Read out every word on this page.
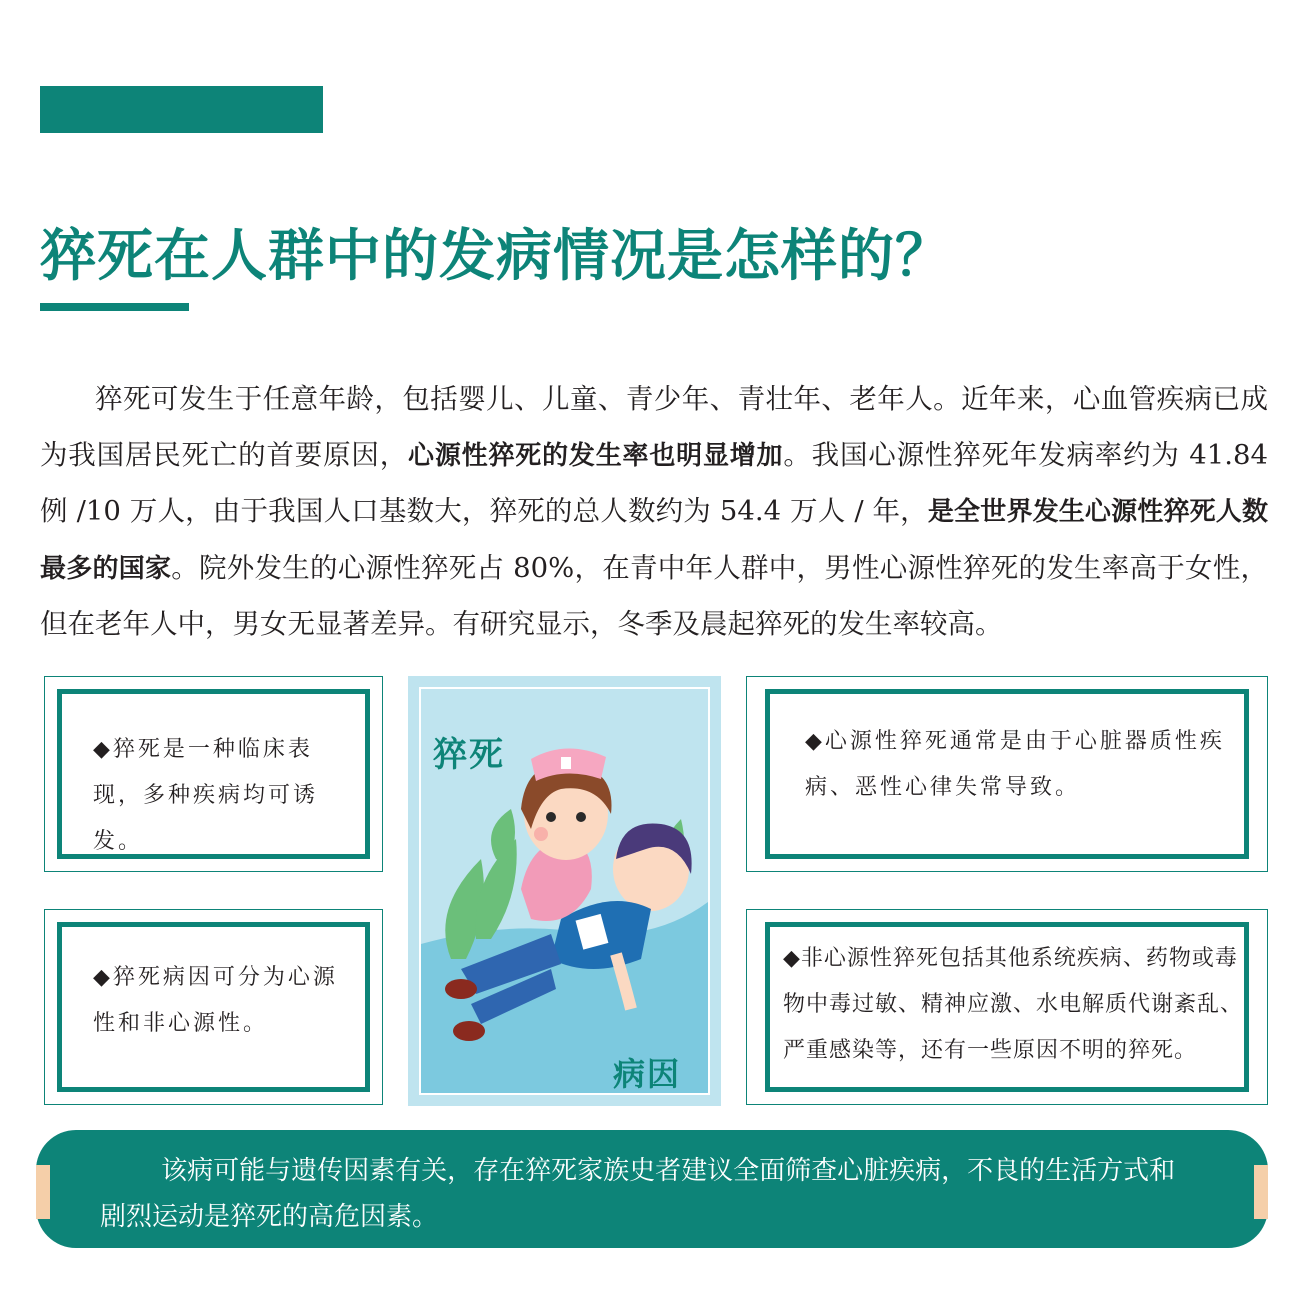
猝死在人群中的发病情况是怎样的？

猝死可发生于任意年龄，包括婴儿、儿童、青少年、青壮年、老年人。近年来，心血管疾病已成为我国居民死亡的首要原因，心源性猝死的发生率也明显增加。我国心源性猝死年发病率约为 41.84 例 /10 万人，由于我国人口基数大，猝死的总人数约为 54.4 万人 / 年，是全世界发生心源性猝死人数最多的国家。院外发生的心源性猝死占 80%，在青中年人群中，男性心源性猝死的发生率高于女性，但在老年人中，男女无显著差异。有研究显示，冬季及晨起猝死的发生率较高。

◆猝死是一种临床表现，多种疾病均可诱发。

◆猝死病因可分为心源性和非心源性。

◆心源性猝死通常是由于心脏器质性疾病、恶性心律失常导致。

◆非心源性猝死包括其他系统疾病、药物或毒物中毒过敏、精神应激、水电解质代谢紊乱、严重感染等，还有一些原因不明的猝死。

猝死
病因

该病可能与遗传因素有关，存在猝死家族史者建议全面筛查心脏疾病，不良的生活方式和剧烈运动是猝死的高危因素。
